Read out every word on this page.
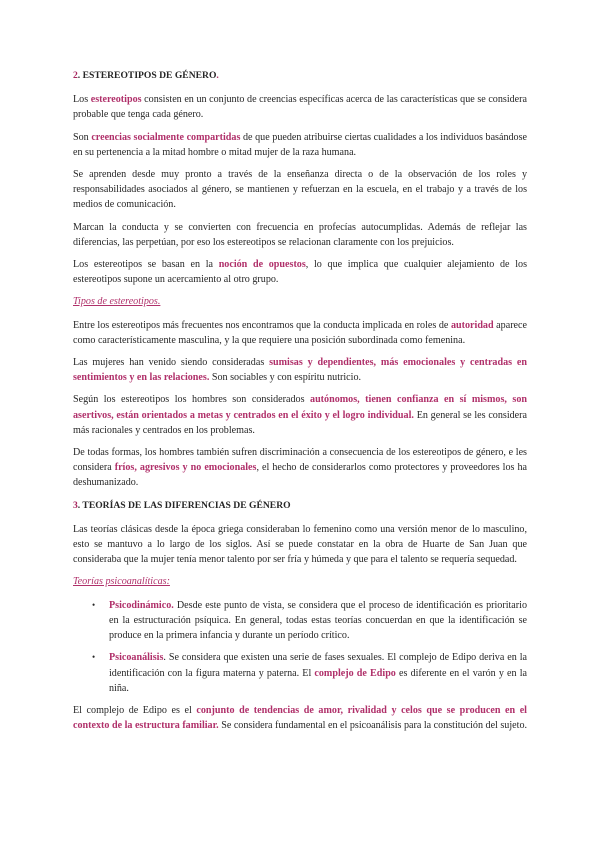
2. ESTEREOTIPOS DE GÉNERO.

Los estereotipos consisten en un conjunto de creencias específicas acerca de las características que se considera probable que tenga cada género.

Son creencias socialmente compartidas de que pueden atribuirse ciertas cualidades a los individuos basándose en su pertenencia a la mitad hombre o mitad mujer de la raza humana.

Se aprenden desde muy pronto a través de la enseñanza directa o de la observación de los roles y responsabilidades asociados al género, se mantienen y refuerzan en la escuela, en el trabajo y a través de los medios de comunicación.

Marcan la conducta y se convierten con frecuencia en profecías autocumplidas. Además de reflejar las diferencias, las perpetúan, por eso los estereotipos se relacionan claramente con los prejuicios.

Los estereotipos se basan en la noción de opuestos, lo que implica que cualquier alejamiento de los estereotipos supone un acercamiento al otro grupo.

Tipos de estereotipos.

Entre los estereotipos más frecuentes nos encontramos que la conducta implicada en roles de autoridad aparece como característicamente masculina, y la que requiere una posición subordinada como femenina.

Las mujeres han venido siendo consideradas sumisas y dependientes, más emocionales y centradas en sentimientos y en las relaciones. Son sociables y con espíritu nutricio.

Según los estereotipos los hombres son considerados autónomos, tienen confianza en sí mismos, son asertivos, están orientados a metas y centrados en el éxito y el logro individual. En general se les considera más racionales y centrados en los problemas.

De todas formas, los hombres también sufren discriminación a consecuencia de los estereotipos de género, e les considera fríos, agresivos y no emocionales, el hecho de considerarlos como protectores y proveedores los ha deshumanizado.

3. TEORÍAS DE LAS DIFERENCIAS DE GÉNERO

Las teorías clásicas desde la época griega consideraban lo femenino como una versión menor de lo masculino, esto se mantuvo a lo largo de los siglos. Así se puede constatar en la obra de Huarte de San Juan que consideraba que la mujer tenía menor talento por ser fría y húmeda y que para el talento se requería sequedad.

Teorías psicoanalíticas:
• Psicodinámico. Desde este punto de vista, se considera que el proceso de identificación es prioritario en la estructuración psíquica. En general, todas estas teorías concuerdan en que la identificación se produce en la primera infancia y durante un período crítico.
• Psicoanálisis. Se considera que existen una serie de fases sexuales. El complejo de Edipo deriva en la identificación con la figura materna y paterna. El complejo de Edipo es diferente en el varón y en la niña.

El complejo de Edipo es el conjunto de tendencias de amor, rivalidad y celos que se producen en el contexto de la estructura familiar. Se considera fundamental en el psicoanálisis para la constitución del sujeto.
